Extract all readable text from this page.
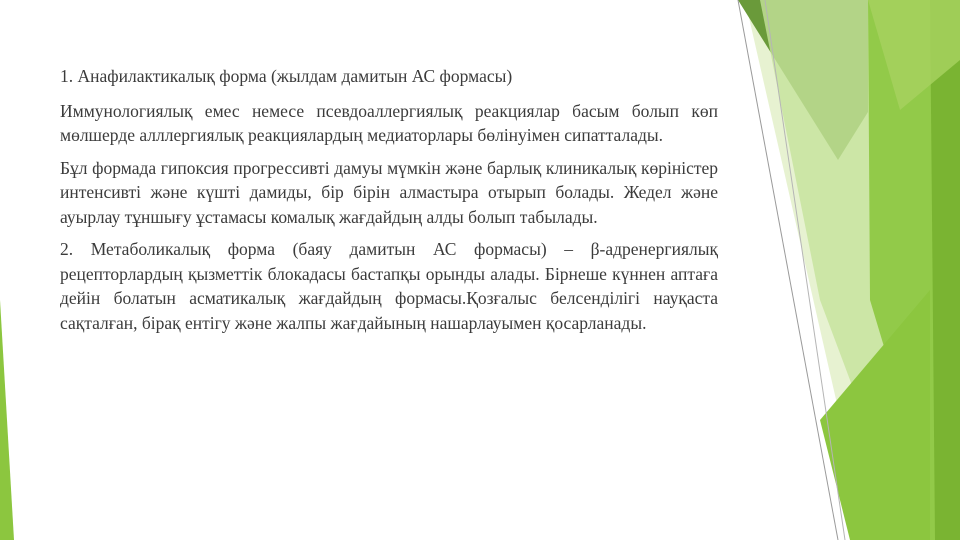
1. Анафилактикалық форма (жылдам дамитын АС формасы)

Иммунологиялық емес немесе псевдоаллергиялық реакциялар басым болып көп мөлшерде алллергиялық реакциялардың медиаторлары бөлінуімен сипатталады.

Бұл формада гипоксия прогрессивті дамуы мүмкін және барлық клиникалық көріністер интенсивті және күшті дамиды, бір бірін алмастыра отырып болады. Жедел және ауырлау тұншығу ұстамасы комалық жағдайдың алды болып табылады.

2. Метаболикалық форма (баяу дамитын АС формасы) – β-адренергиялық рецепторлардың қызметтік блокадасы бастапқы орынды алады. Бірнеше күннен аптаға дейін болатын асматикалық жағдайдың формасы.Қозғалыс белсенділігі науқаста сақталған, бірақ ентігу және жалпы жағдайының нашарлауымен қосарланады.
